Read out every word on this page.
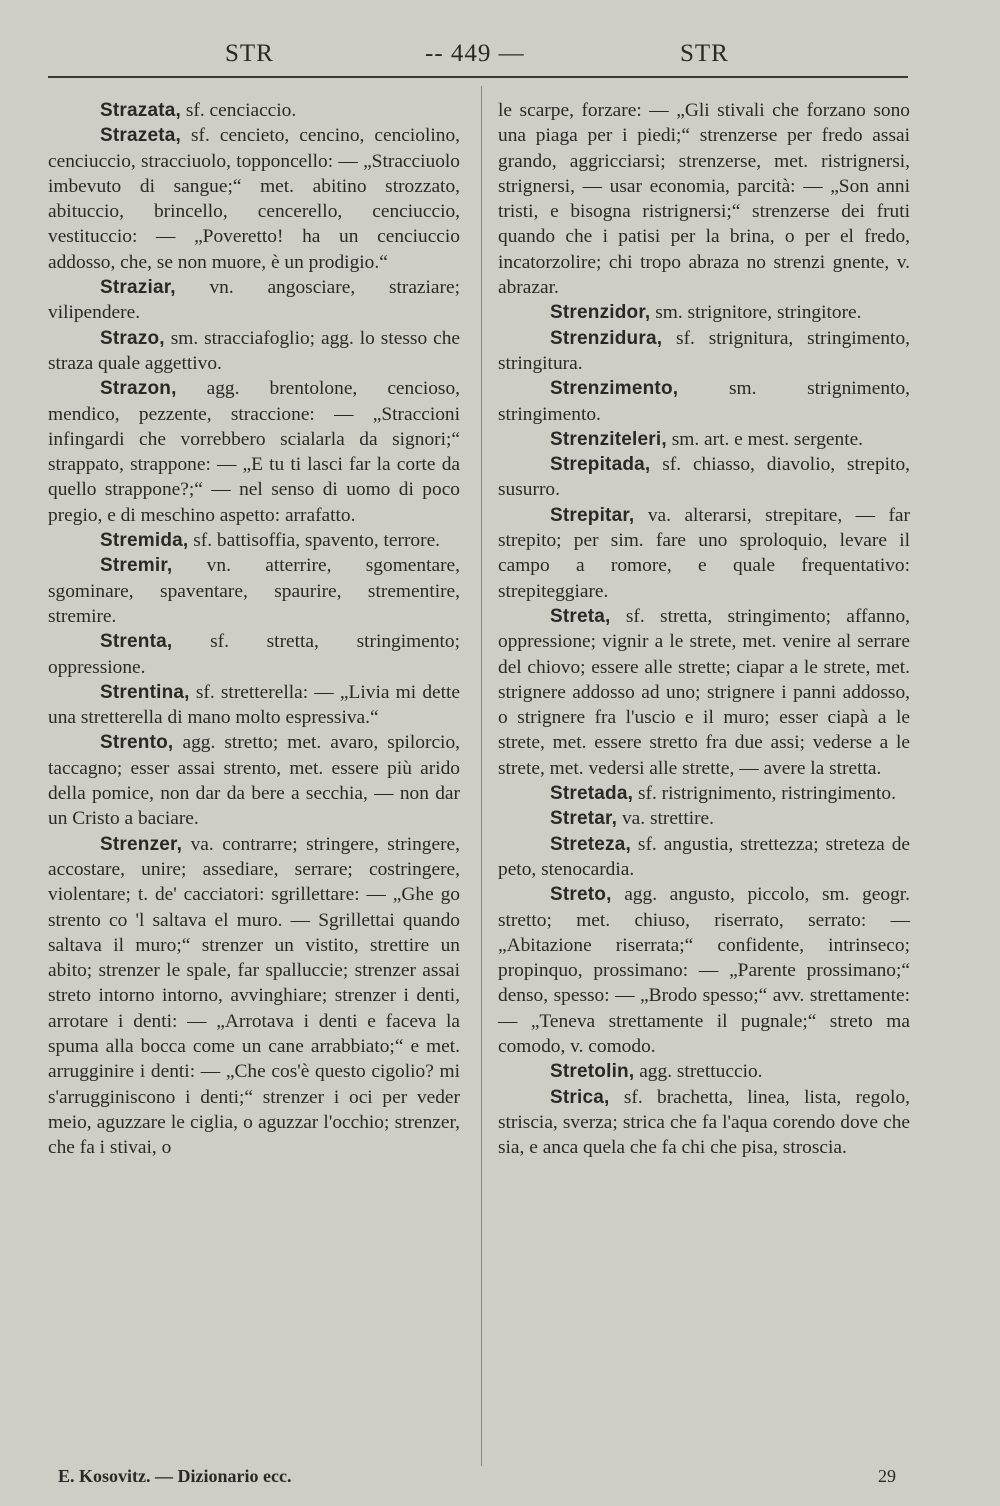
STR	-- 449 —	STR

Strazata, sf. cenciaccio.

Strazeta, sf. cencieto, cencino, cenciolino, cenciuccio, stracciuolo, topponcello: — „Stracciuolo imbevuto di sangue;“ met. abitino strozzato, abituccio, brincello, cencerello, cenciuccio, vestituccio: — „Poveretto! ha un cenciuccio addosso, che, se non muore, è un prodigio.“

Straziar, vn. angosciare, straziare; vilipendere.

Strazo, sm. stracciafoglio; agg. lo stesso che straza quale aggettivo.

Strazon, agg. brentolone, cencioso, mendico, pezzente, straccione: — „Straccioni infingardi che vorrebbero scialarla da signori;“ strappato, strappone: — „E tu ti lasci far la corte da quello strappone?;“ — nel senso di uomo di poco pregio, e di meschino aspetto: arrafatto.

Stremida, sf. battisoffia, spavento, terrore.

Stremir, vn. atterrire, sgomentare, sgominare, spaventare, spaurire, strementire, stremire.

Strenta, sf. stretta, stringimento; oppressione.

Strentina, sf. stretterella: — „Livia mi dette una stretterella di mano molto espressiva.“

Strento, agg. stretto; met. avaro, spilorcio, taccagno; esser assai strento, met. essere più arido della pomice, non dar da bere a secchia, — non dar un Cristo a baciare.

Strenzer, va. contrarre; stringere, stringere, accostare, unire; assediare, serrare; costringere, violentare; t. de' cacciatori: sgrillettare: — „Ghe go strento co 'l saltava el muro. — Sgrillettai quando saltava il muro;“ strenzer un vistito, strettire un abito; strenzer le spale, far spalluccie; strenzer assai streto intorno intorno, avvinghiare; strenzer i denti, arrotare i denti: — „Arrotava i denti e faceva la spuma alla bocca come un cane arrabbiato;“ e met. arrugginire i denti: — „Che cos'è questo cigolio? mi s'arrugginiscono i denti;“ strenzer i oci per veder meio, aguzzare le ciglia, o aguzzar l'occhio; strenzer, che fa i stivai, o

le scarpe, forzare: — „Gli stivali che forzano sono una piaga per i piedi;“ strenzerse per fredo assai grando, aggricciarsi; strenzerse, met. ristrignersi, strignersi, — usar economia, parcità: — „Son anni tristi, e bisogna ristrignersi;“ strenzerse dei fruti quando che i patisi per la brina, o per el fredo, incatorzolire; chi tropo abraza no strenzi gnente, v. abrazar.

Strenzidor, sm. strignitore, stringitore.

Strenzidura, sf. strignitura, stringimento, stringitura.

Strenzimento, sm. strignimento, stringimento.

Strenziteleri, sm. art. e mest. sergente.

Strepitada, sf. chiasso, diavolio, strepito, susurro.

Strepitar, va. alterarsi, strepitare, — far strepito; per sim. fare uno sproloquio, levare il campo a romore, e quale frequentativo: strepiteggiare.

Streta, sf. stretta, stringimento; affanno, oppressione; vignir a le strete, met. venire al serrare del chiovo; essere alle strette; ciapar a le strete, met. strignere addosso ad uno; strignere i panni addosso, o strignere fra l'uscio e il muro; esser ciapà a le strete, met. essere stretto fra due assi; vederse a le strete, met. vedersi alle strette, — avere la stretta.

Stretada, sf. ristrignimento, ristringimento.

Stretar, va. strettire.

Streteza, sf. angustia, strettezza; streteza de peto, stenocardia.

Streto, agg. angusto, piccolo, sm. geogr. stretto; met. chiuso, riserrato, serrato: — „Abitazione riserrata;“ confidente, intrinseco; propinquo, prossimano: — „Parente prossimano;“ denso, spesso: — „Brodo spesso;“ avv. strettamente: — „Teneva strettamente il pugnale;“ streto ma comodo, v. comodo.

Stretolin, agg. strettuccio.

Strica, sf. brachetta, linea, lista, regolo, striscia, sverza; strica che fa l'aqua corendo dove che sia, e anca quela che fa chi che pisa, stroscia.

E. Kosovitz. — Dizionario ecc.	29
